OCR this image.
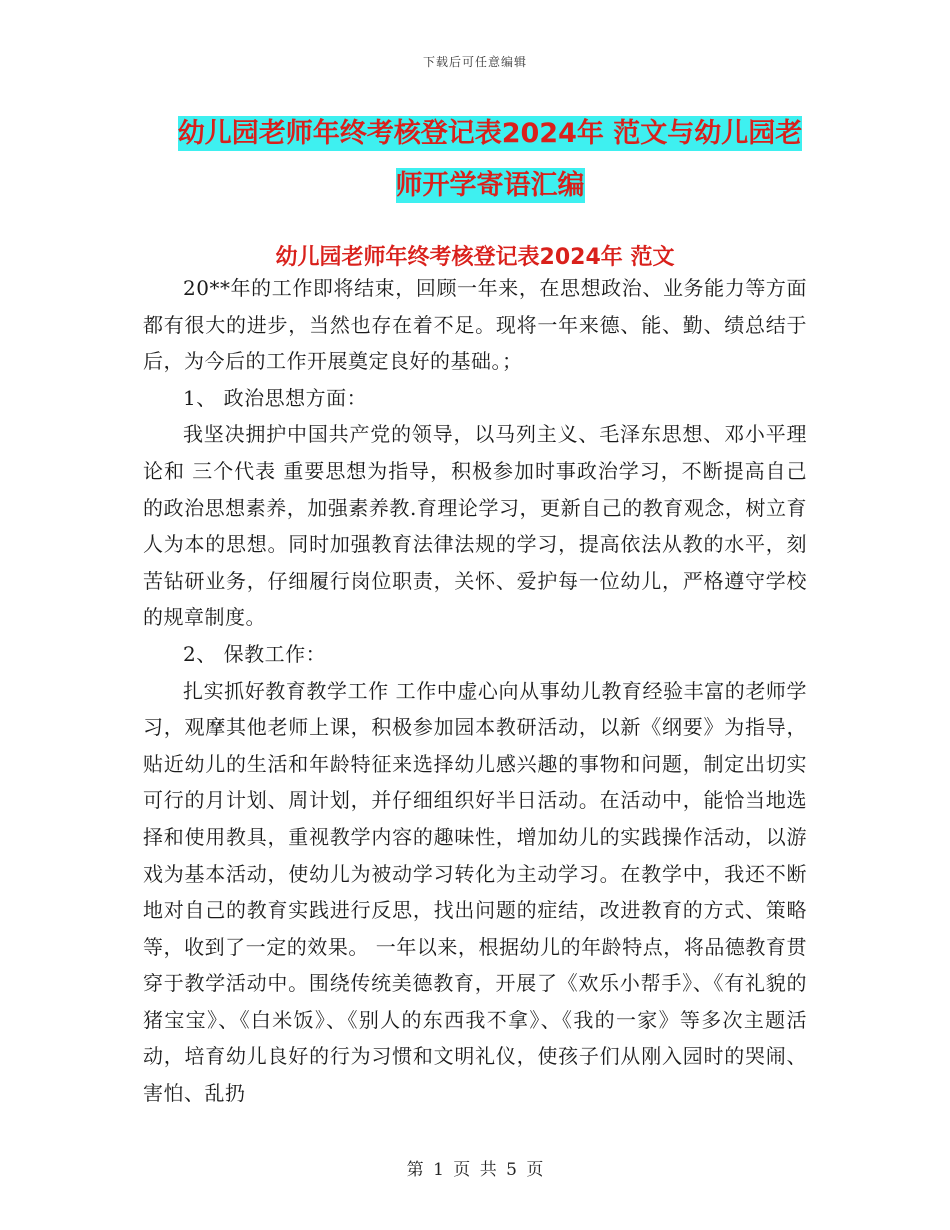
下载后可任意编辑
幼儿园老师年终考核登记表2024年 范文与幼儿园老
师开学寄语汇编
幼儿园老师年终考核登记表2024年 范文

20**年的工作即将结束，回顾一年来，在思想政治、业务能力等方面都有很大的进步，当然也存在着不足。现将一年来德、能、勤、绩总结于后，为今后的工作开展奠定良好的基础。；

1、 政治思想方面：

我坚决拥护中国共产党的领导，以马列主义、毛泽东思想、邓小平理论和 三个代表 重要思想为指导，积极参加时事政治学习，不断提高自己的政治思想素养，加强素养教.育理论学习，更新自己的教育观念，树立育人为本的思想。同时加强教育法律法规的学习，提高依法从教的水平，刻苦钻研业务，仔细履行岗位职责，关怀、爱护每一位幼儿，严格遵守学校的规章制度。

2、 保教工作：

扎实抓好教育教学工作 工作中虚心向从事幼儿教育经验丰富的老师学习，观摩其他老师上课，积极参加园本教研活动，以新《纲要》为指导，贴近幼儿的生活和年龄特征来选择幼儿感兴趣的事物和问题，制定出切实可行的月计划、周计划，并仔细组织好半日活动。在活动中，能恰当地选择和使用教具，重视教学内容的趣味性，增加幼儿的实践操作活动，以游戏为基本活动，使幼儿为被动学习转化为主动学习。在教学中，我还不断地对自己的教育实践进行反思，找出问题的症结，改进教育的方式、策略等，收到了一定的效果。 一年以来，根据幼儿的年龄特点，将品德教育贯穿于教学活动中。围绕传统美德教育，开展了《欢乐小帮手》、《有礼貌的猪宝宝》、《白米饭》、《别人的东西我不拿》、《我的一家》等多次主题活动，培育幼儿良好的行为习惯和文明礼仪，使孩子们从刚入园时的哭闹、害怕、乱扔

第 1 页 共 5 页
